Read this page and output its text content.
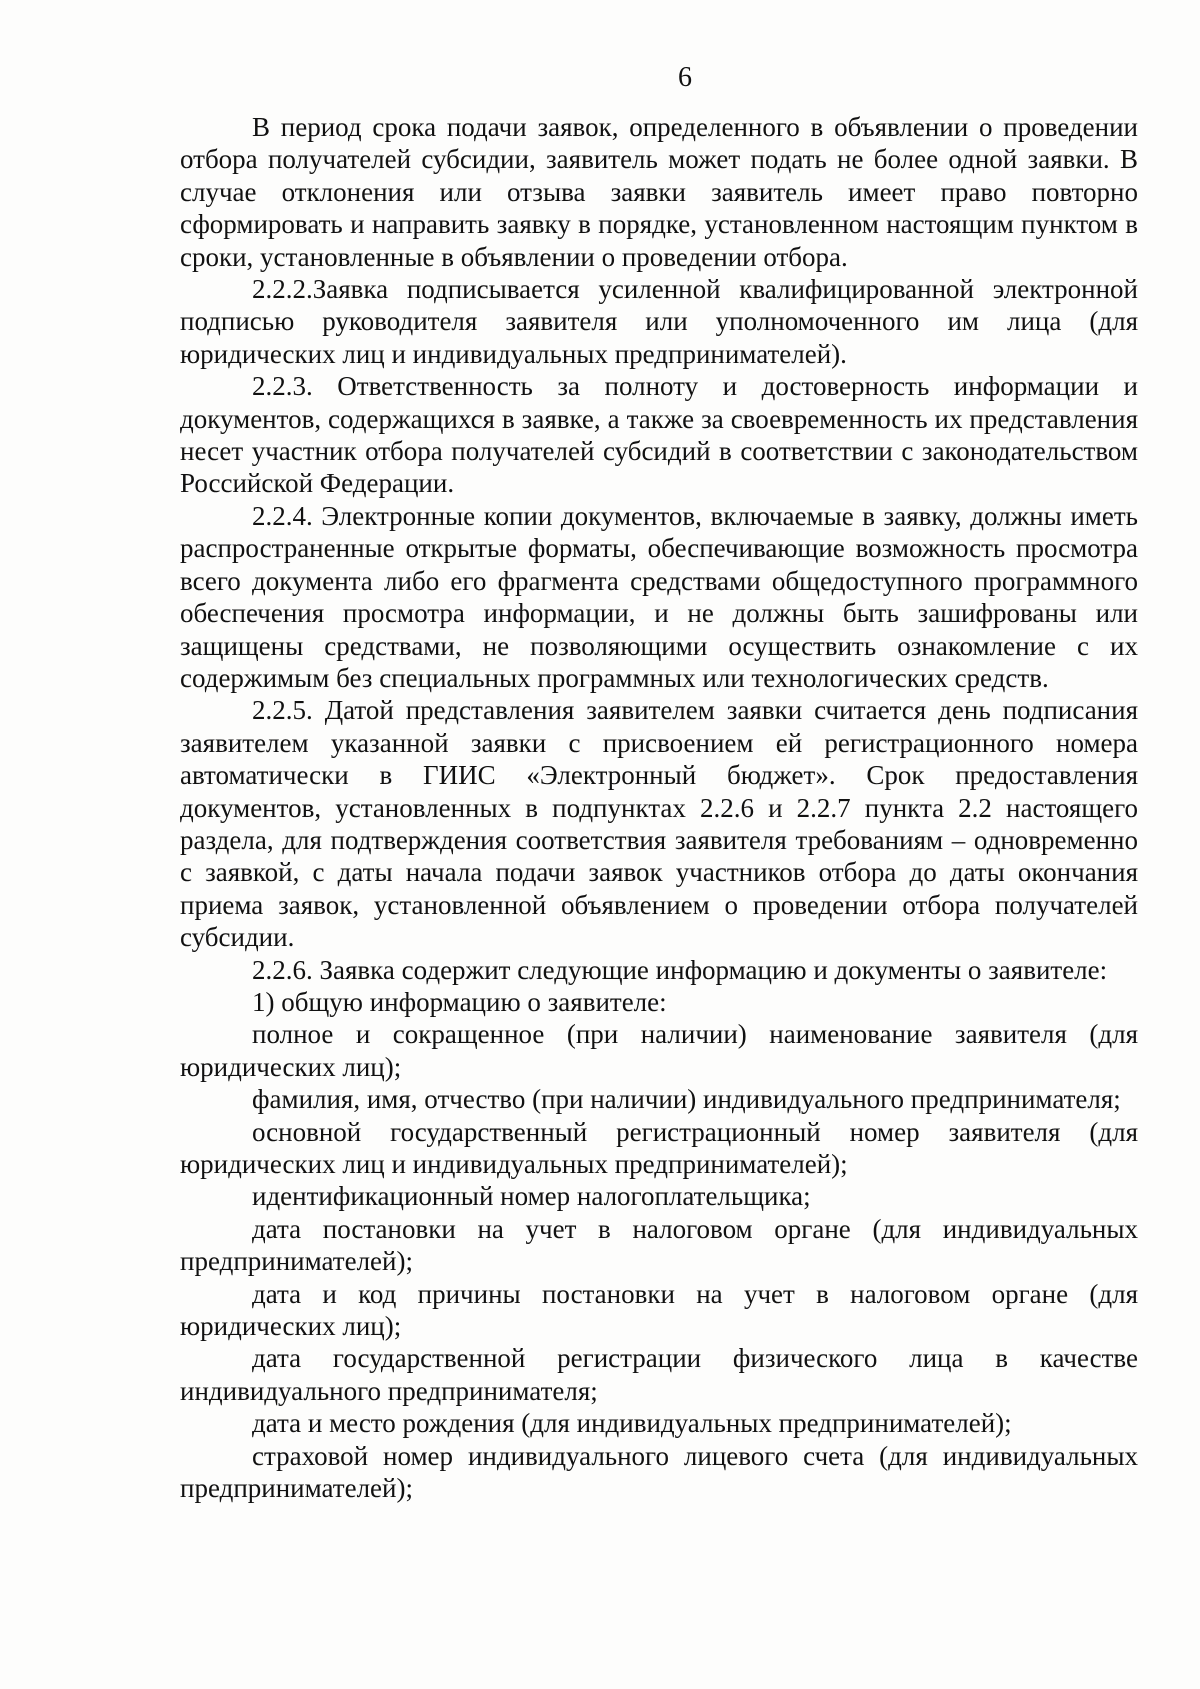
6

В период срока подачи заявок, определенного в объявлении о проведении отбора получателей субсидии, заявитель может подать не более одной заявки. В случае отклонения или отзыва заявки заявитель имеет право повторно сформировать и направить заявку в порядке, установленном настоящим пунктом в сроки, установленные в объявлении о проведении отбора.

2.2.2.Заявка подписывается усиленной квалифицированной электронной подписью руководителя заявителя или уполномоченного им лица (для юридических лиц и индивидуальных предпринимателей).

2.2.3. Ответственность за полноту и достоверность информации и документов, содержащихся в заявке, а также за своевременность их представления несет участник отбора получателей субсидий в соответствии с законодательством Российской Федерации.

2.2.4. Электронные копии документов, включаемые в заявку, должны иметь распространенные открытые форматы, обеспечивающие возможность просмотра всего документа либо его фрагмента средствами общедоступного программного обеспечения просмотра информации, и не должны быть зашифрованы или защищены средствами, не позволяющими осуществить ознакомление с их содержимым без специальных программных или технологических средств.

2.2.5. Датой представления заявителем заявки считается день подписания заявителем указанной заявки с присвоением ей регистрационного номера автоматически в ГИИС «Электронный бюджет». Срок предоставления документов, установленных в подпунктах 2.2.6 и 2.2.7 пункта 2.2 настоящего раздела, для подтверждения соответствия заявителя требованиям – одновременно с заявкой, с даты начала подачи заявок участников отбора до даты окончания приема заявок, установленной объявлением о проведении отбора получателей субсидии.

2.2.6. Заявка содержит следующие информацию и документы о заявителе:

1) общую информацию о заявителе:

полное и сокращенное (при наличии) наименование заявителя (для юридических лиц);

фамилия, имя, отчество (при наличии) индивидуального предпринимателя;

основной государственный регистрационный номер заявителя (для юридических лиц и индивидуальных предпринимателей);

идентификационный номер налогоплательщика;

дата постановки на учет в налоговом органе (для индивидуальных предпринимателей);

дата и код причины постановки на учет в налоговом органе (для юридических лиц);

дата государственной регистрации физического лица в качестве индивидуального предпринимателя;

дата и место рождения (для индивидуальных предпринимателей);

страховой номер индивидуального лицевого счета (для индивидуальных предпринимателей);
